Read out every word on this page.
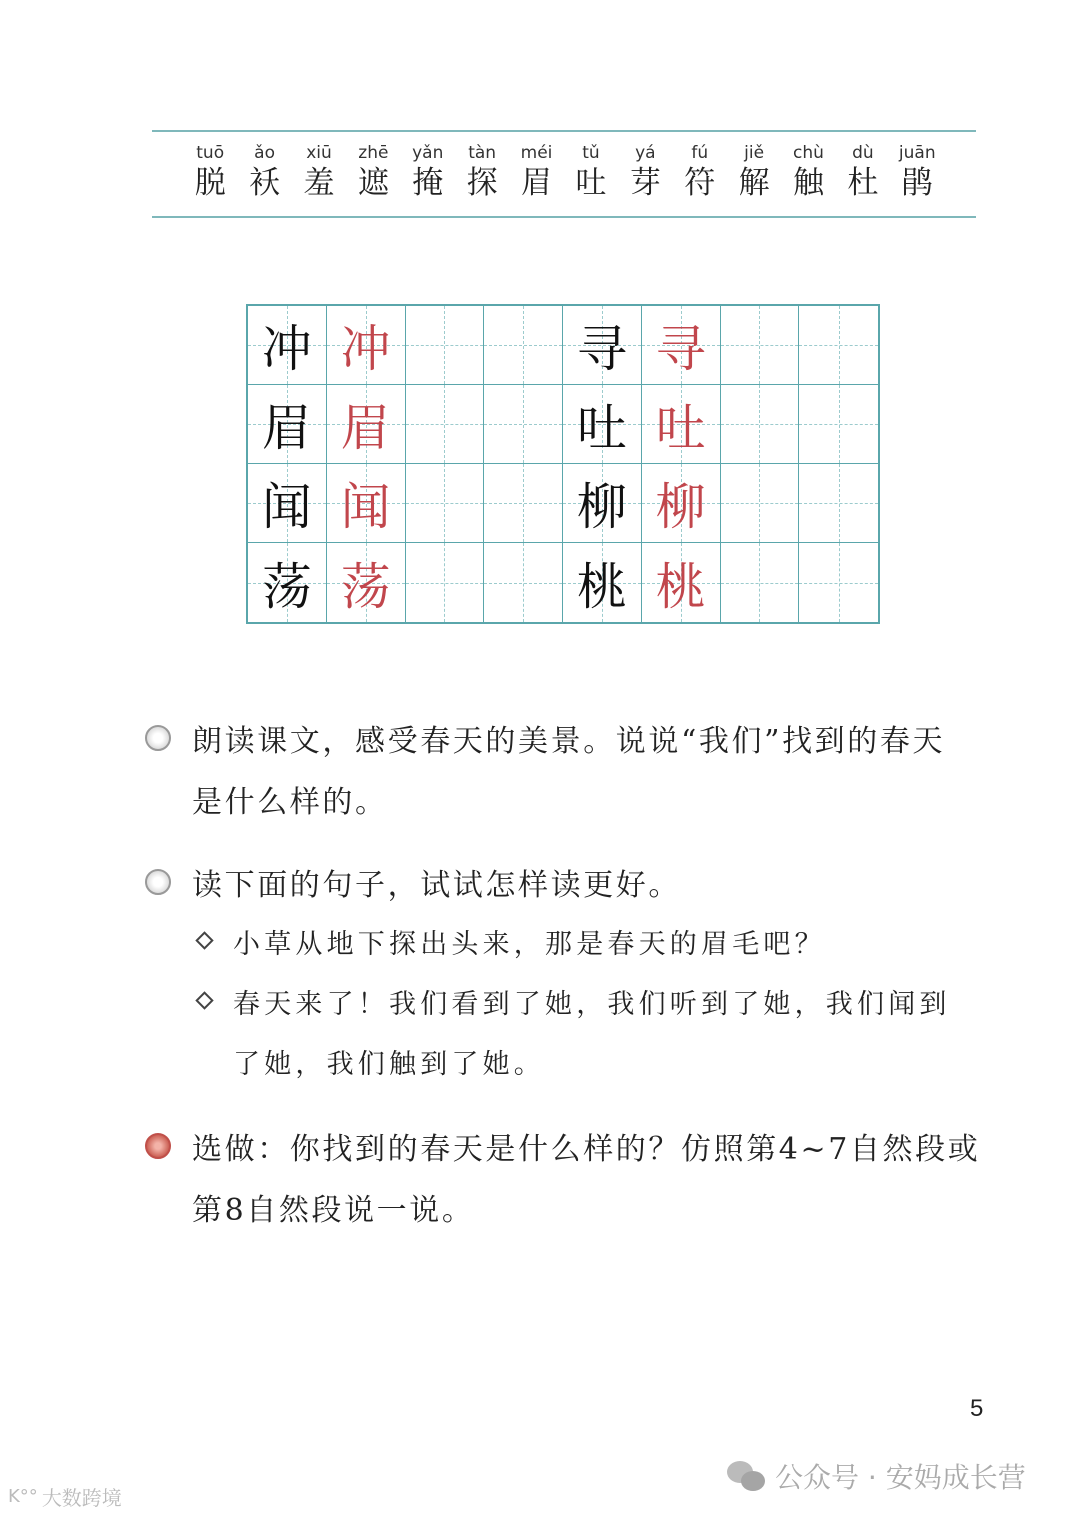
tuō
脱
ǎo
袄
xiū
羞
zhē
遮
yǎn
掩
tàn
探
méi
眉
tǔ
吐
yá
芽
fú
符
jiě
解
chù
触
dù
杜
juān
鹃
冲 冲	寻 寻
眉 眉	吐 吐
闻 闻	柳 柳
荡 荡	桃 桃
朗读课文，感受春天的美景。说说“我们”找到的春天
是什么样的。
读下面的句子，试试怎样读更好。
小草从地下探出头来，那是春天的眉毛吧？
春天来了！我们看到了她，我们听到了她，我们闻到
了她，我们触到了她。
选做：你找到的春天是什么样的？仿照第4~7自然段或
第8自然段说一说。
5
公众号 · 安妈成长营
K°° 大数跨境
